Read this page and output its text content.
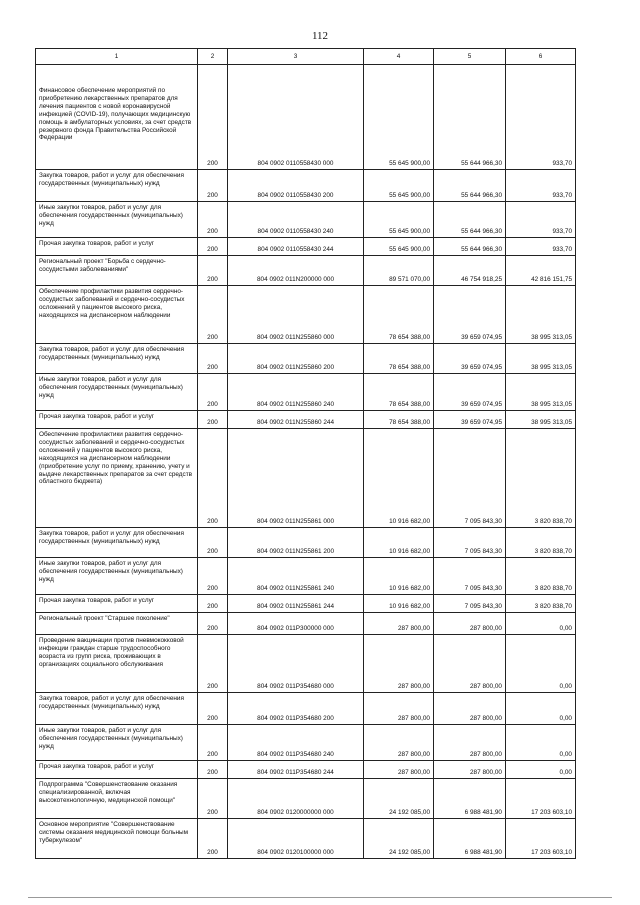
112
1	2	3	4	5	6
Финансовое обеспечение мероприятий по приобретению лекарственных препаратов для лечения пациентов с новой коронавирусной инфекцией (COVID-19), получающих медицинскую помощь в амбулаторных условиях, за счет средств резервного фонда Правительства Российской Федерации	200	804 0902 0110558430 000	55 645 900,00	55 644 966,30	933,70
Закупка товаров, работ и услуг для обеспечения государственных (муниципальных) нужд	200	804 0902 0110558430 200	55 645 900,00	55 644 966,30	933,70
Иные закупки товаров, работ и услуг для обеспечения государственных (муниципальных) нужд	200	804 0902 0110558430 240	55 645 900,00	55 644 966,30	933,70
Прочая закупка товаров, работ и услуг	200	804 0902 0110558430 244	55 645 900,00	55 644 966,30	933,70
Региональный проект "Борьба с сердечно-сосудистыми заболеваниями"	200	804 0902 011N200000 000	89 571 070,00	46 754 918,25	42 816 151,75
Обеспечение профилактики развития сердечно-сосудистых заболеваний и сердечно-сосудистых осложнений у пациентов высокого риска, находящихся на диспансерном наблюдении	200	804 0902 011N255860 000	78 654 388,00	39 659 074,95	38 995 313,05
Закупка товаров, работ и услуг для обеспечения государственных (муниципальных) нужд	200	804 0902 011N255860 200	78 654 388,00	39 659 074,95	38 995 313,05
Иные закупки товаров, работ и услуг для обеспечения государственных (муниципальных) нужд	200	804 0902 011N255860 240	78 654 388,00	39 659 074,95	38 995 313,05
Прочая закупка товаров, работ и услуг	200	804 0902 011N255860 244	78 654 388,00	39 659 074,95	38 995 313,05
Обеспечение профилактики развития сердечно-сосудистых заболеваний и сердечно-сосудистых осложнений у пациентов высокого риска, находящихся на диспансерном наблюдении (приобретение услуг по приему, хранению, учету и выдаче лекарственных препаратов за счет средств областного бюджета)	200	804 0902 011N255861 000	10 916 682,00	7 095 843,30	3 820 838,70
Закупка товаров, работ и услуг для обеспечения государственных (муниципальных) нужд	200	804 0902 011N255861 200	10 916 682,00	7 095 843,30	3 820 838,70
Иные закупки товаров, работ и услуг для обеспечения государственных (муниципальных) нужд	200	804 0902 011N255861 240	10 916 682,00	7 095 843,30	3 820 838,70
Прочая закупка товаров, работ и услуг	200	804 0902 011N255861 244	10 916 682,00	7 095 843,30	3 820 838,70
Региональный проект "Старшее поколение"	200	804 0902 011P300000 000	287 800,00	287 800,00	0,00
Проведение вакцинации против пневмококковой инфекции граждан старше трудоспособного возраста из групп риска, проживающих в организациях социального обслуживания	200	804 0902 011P354680 000	287 800,00	287 800,00	0,00
Закупка товаров, работ и услуг для обеспечения государственных (муниципальных) нужд	200	804 0902 011P354680 200	287 800,00	287 800,00	0,00
Иные закупки товаров, работ и услуг для обеспечения государственных (муниципальных) нужд	200	804 0902 011P354680 240	287 800,00	287 800,00	0,00
Прочая закупка товаров, работ и услуг	200	804 0902 011P354680 244	287 800,00	287 800,00	0,00
Подпрограмма "Совершенствование оказания специализированной, включая высокотехнологичную, медицинской помощи"	200	804 0902 0120000000 000	24 192 085,00	6 988 481,90	17 203 603,10
Основное мероприятие "Совершенствование системы оказания медицинской помощи больным туберкулезом"	200	804 0902 0120100000 000	24 192 085,00	6 988 481,90	17 203 603,10
